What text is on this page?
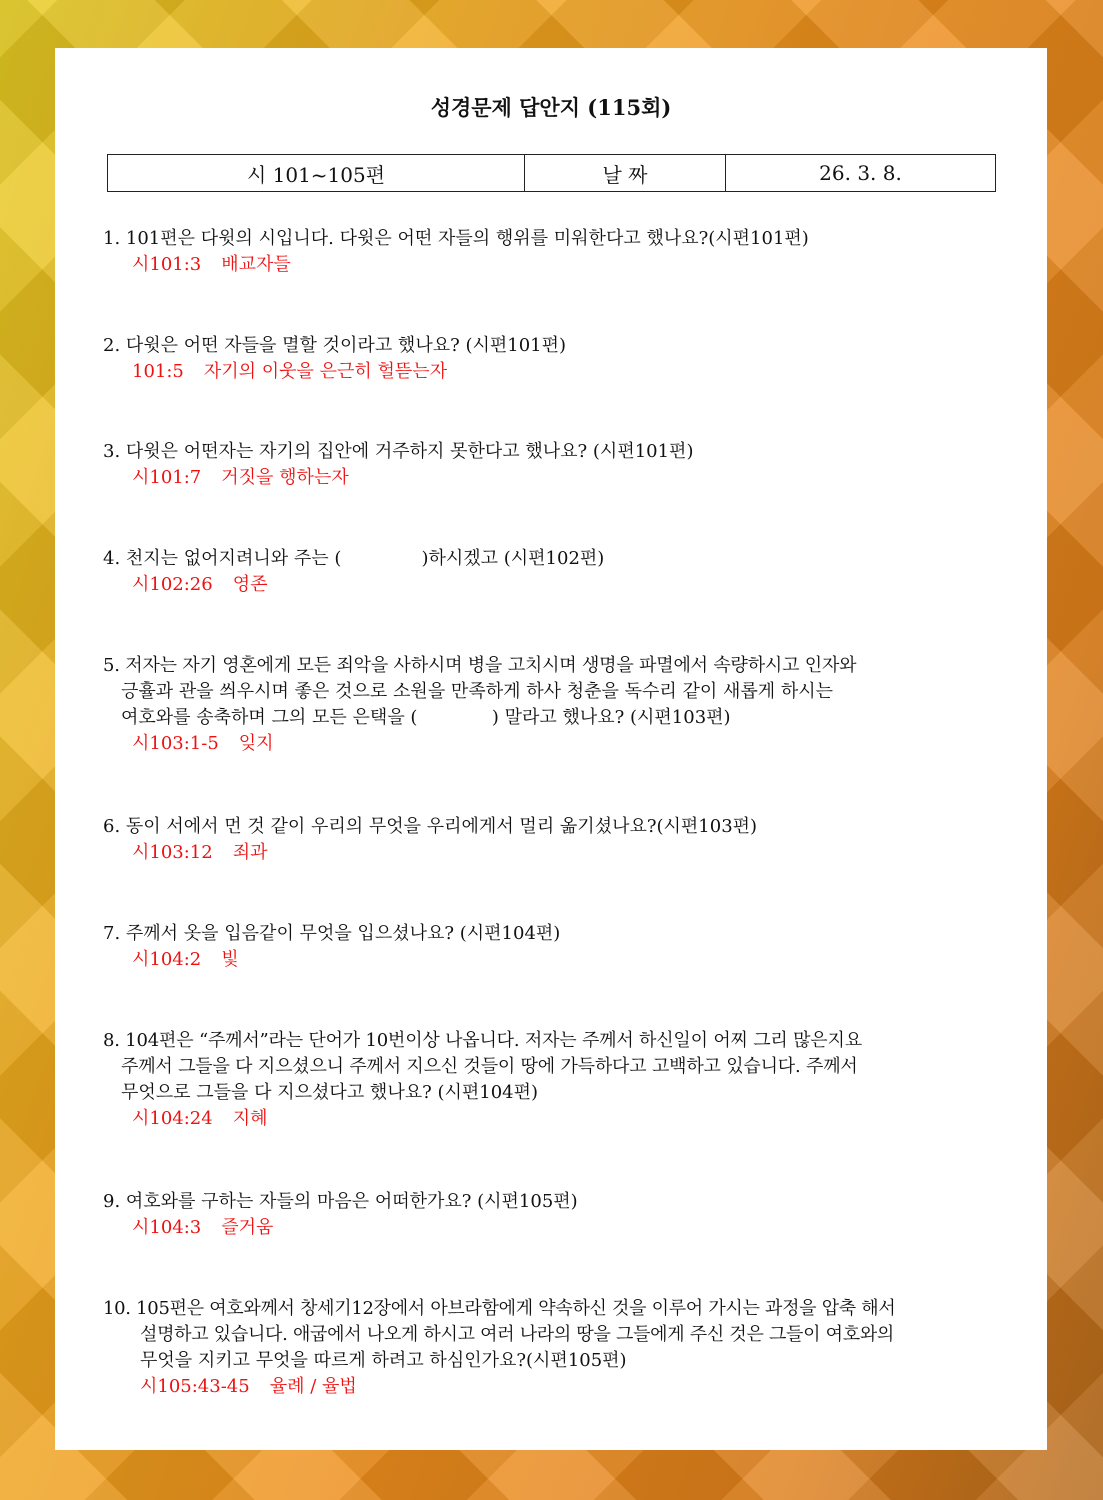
성경문제 답안지 (115회)
시 101~105편	날 짜	26. 3. 8.
1. 101편은 다윗의 시입니다. 다윗은 어떤 자들의 행위를 미워한다고 했나요?(시편101편)
시101:3 배교자들
2. 다윗은 어떤 자들을 멸할 것이라고 했나요? (시편101편)
101:5 자기의 이웃을 은근히 헐뜯는자
3. 다윗은 어떤자는 자기의 집안에 거주하지 못한다고 했나요? (시편101편)
시101:7 거짓을 행하는자
4. 천지는 없어지려니와 주는 (              )하시겠고 (시편102편)
시102:26 영존
5. 저자는 자기 영혼에게 모든 죄악을 사하시며 병을 고치시며 생명을 파멸에서 속량하시고 인자와
긍휼과 관을 씌우시며 좋은 것으로 소원을 만족하게 하사 청춘을 독수리 같이 새롭게 하시는
여호와를 송축하며 그의 모든 은택을 (             ) 말라고 했나요? (시편103편)
시103:1-5 잊지
6. 동이 서에서 먼 것 같이 우리의 무엇을 우리에게서 멀리 옮기셨나요?(시편103편)
시103:12 죄과
7. 주께서 옷을 입음같이 무엇을 입으셨나요? (시편104편)
시104:2 빛
8. 104편은 “주께서”라는 단어가 10번이상 나옵니다. 저자는 주께서 하신일이 어찌 그리 많은지요
주께서 그들을 다 지으셨으니 주께서 지으신 것들이 땅에 가득하다고 고백하고 있습니다. 주께서
무엇으로 그들을 다 지으셨다고 했나요? (시편104편)
시104:24 지혜
9. 여호와를 구하는 자들의 마음은 어떠한가요? (시편105편)
시104:3 즐거움
10. 105편은 여호와께서 창세기12장에서 아브라함에게 약속하신 것을 이루어 가시는 과정을 압축 해서
설명하고 있습니다. 애굽에서 나오게 하시고 여러 나라의 땅을 그들에게 주신 것은 그들이 여호와의
무엇을 지키고 무엇을 따르게 하려고 하심인가요?(시편105편)
시105:43-45 율례 / 율법
